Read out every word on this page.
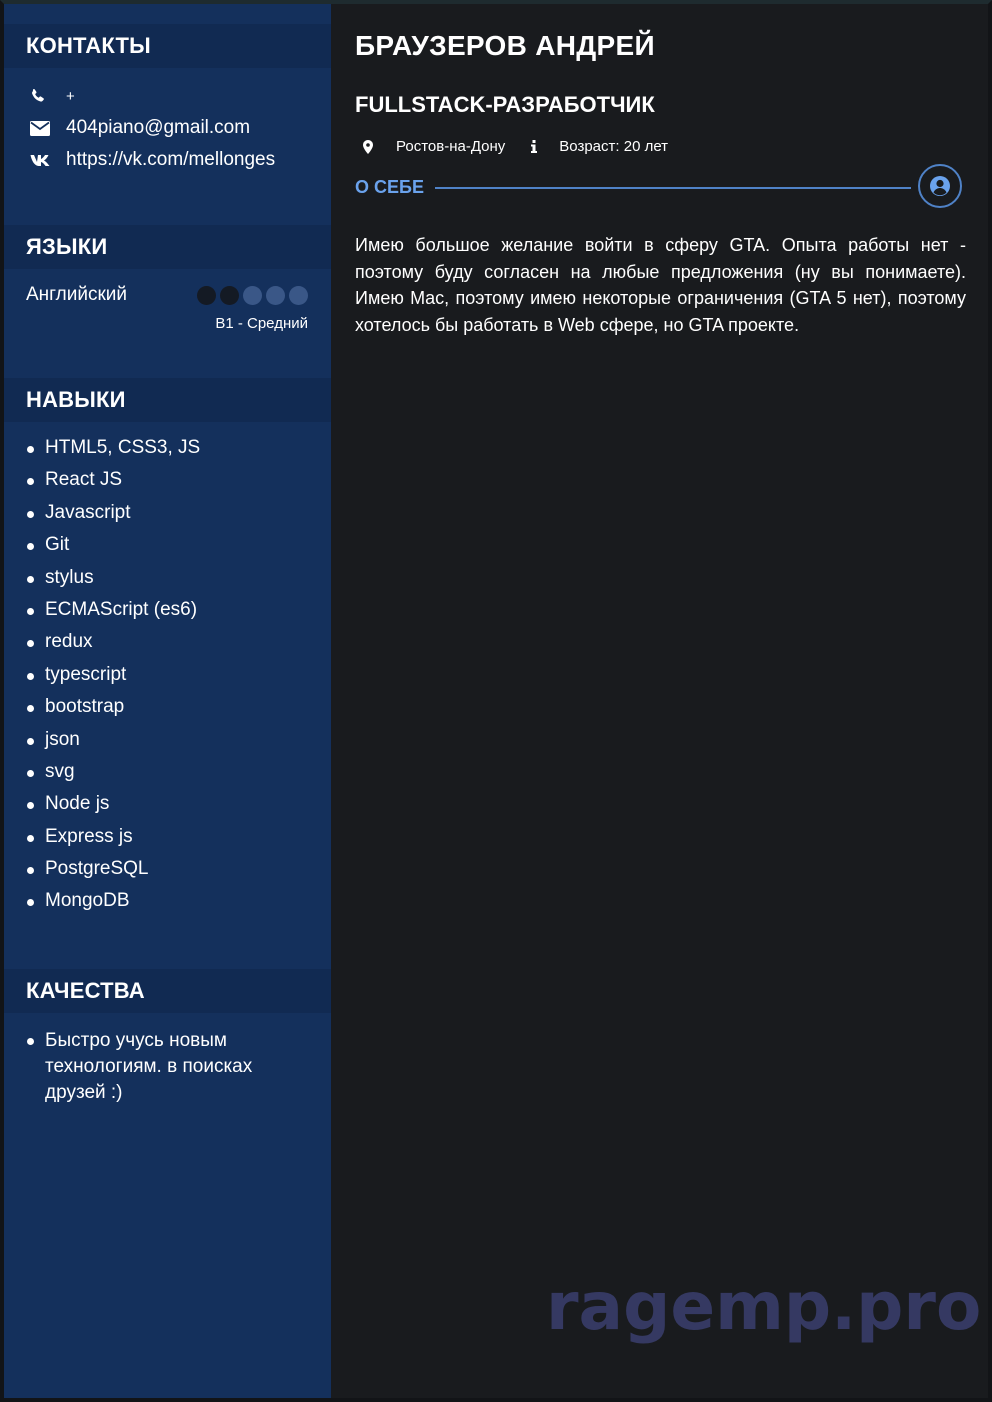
КОНТАКТЫ
+
404piano@gmail.com
https://vk.com/mellonges
ЯЗЫКИ
Английский
B1 - Средний
НАВЫКИ
HTML5, CSS3, JS
React JS
Javascript
Git
stylus
ECMAScript (es6)
redux
typescript
bootstrap
json
svg
Node js
Express js
PostgreSQL
MongoDB
КАЧЕСТВА
Быстро учусь новым технологиям. в поисках друзей :)
БРАУЗЕРОВ АНДРЕЙ
FULLSTACK-РАЗРАБОТЧИК
Ростов-на-Дону	Возраст: 20 лет
О СЕБЕ

Имею большое желание войти в сферу GTA. Опыта работы нет - поэтому буду согласен на любые предложения (ну вы понимаете). Имею Mac, поэтому имею некоторые ограничения (GTA 5 нет), поэтому хотелось бы работать в Web сфере, но GTA проекте.

ragemp.pro
